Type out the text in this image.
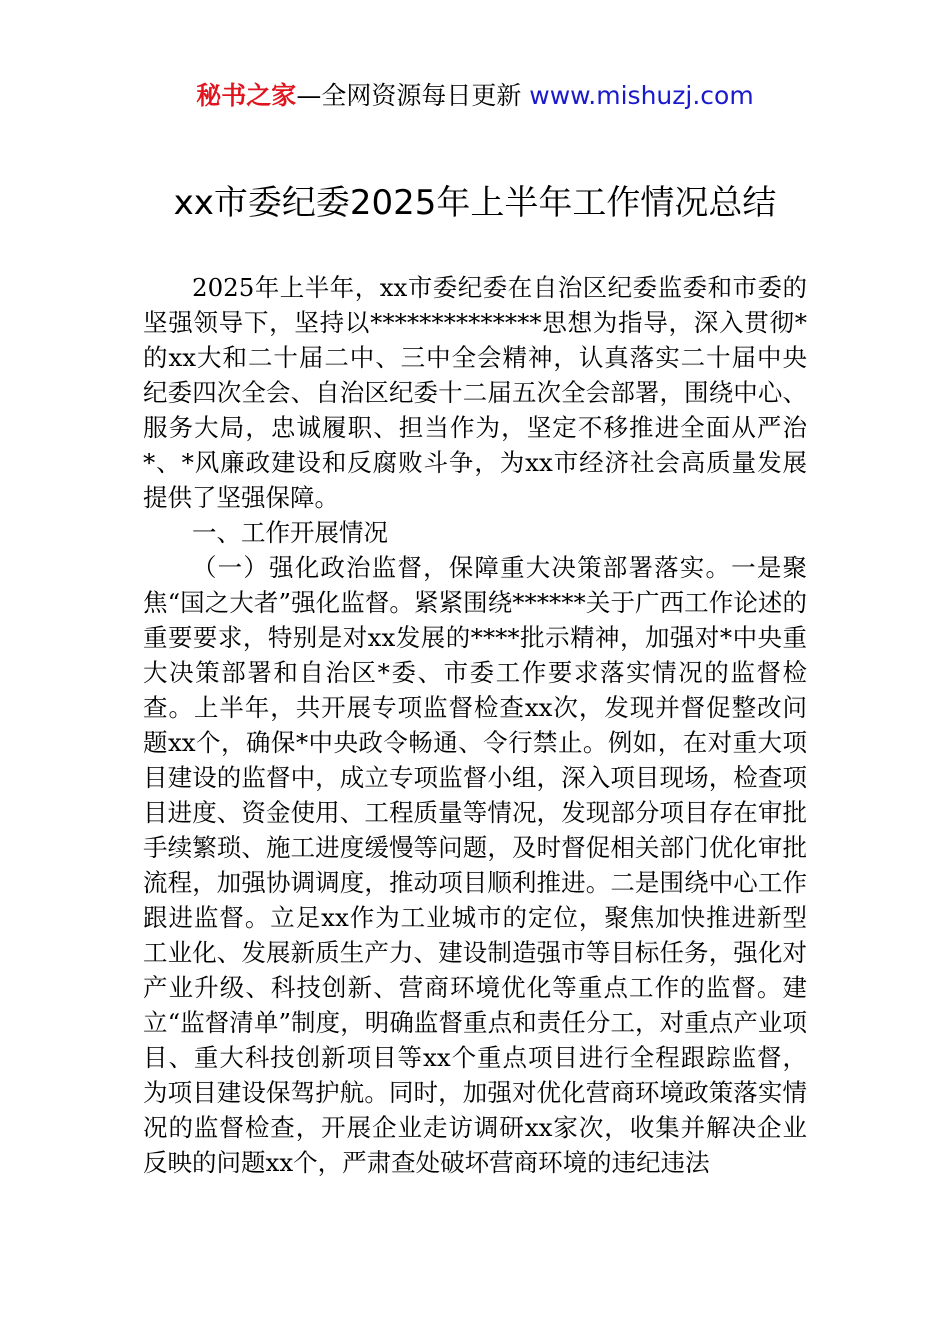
秘书之家—全网资源每日更新 www.mishuzj.com
xx市委纪委2025年上半年工作情况总结

2025年上半年，xx市委纪委在自治区纪委监委和市委的坚强领导下，坚持以**************思想为指导，深入贯彻*的xx大和二十届二中、三中全会精神，认真落实二十届中央纪委四次全会、自治区纪委十二届五次全会部署，围绕中心、服务大局，忠诚履职、担当作为，坚定不移推进全面从严治*、*风廉政建设和反腐败斗争，为xx市经济社会高质量发展提供了坚强保障。

一、工作开展情况

（一）强化政治监督，保障重大决策部署落实。一是聚焦“国之大者”强化监督。紧紧围绕******关于广西工作论述的重要要求，特别是对xx发展的****批示精神，加强对*中央重大决策部署和自治区*委、市委工作要求落实情况的监督检查。上半年，共开展专项监督检查xx次，发现并督促整改问题xx个，确保*中央政令畅通、令行禁止。例如，在对重大项目建设的监督中，成立专项监督小组，深入项目现场，检查项目进度、资金使用、工程质量等情况，发现部分项目存在审批手续繁琐、施工进度缓慢等问题，及时督促相关部门优化审批流程，加强协调调度，推动项目顺利推进。二是围绕中心工作跟进监督。立足xx作为工业城市的定位，聚焦加快推进新型工业化、发展新质生产力、建设制造强市等目标任务，强化对产业升级、科技创新、营商环境优化等重点工作的监督。建立“监督清单”制度，明确监督重点和责任分工，对重点产业项目、重大科技创新项目等xx个重点项目进行全程跟踪监督，为项目建设保驾护航。同时，加强对优化营商环境政策落实情况的监督检查，开展企业走访调研xx家次，收集并解决企业反映的问题xx个，严肃查处破坏营商环境的违纪违法
